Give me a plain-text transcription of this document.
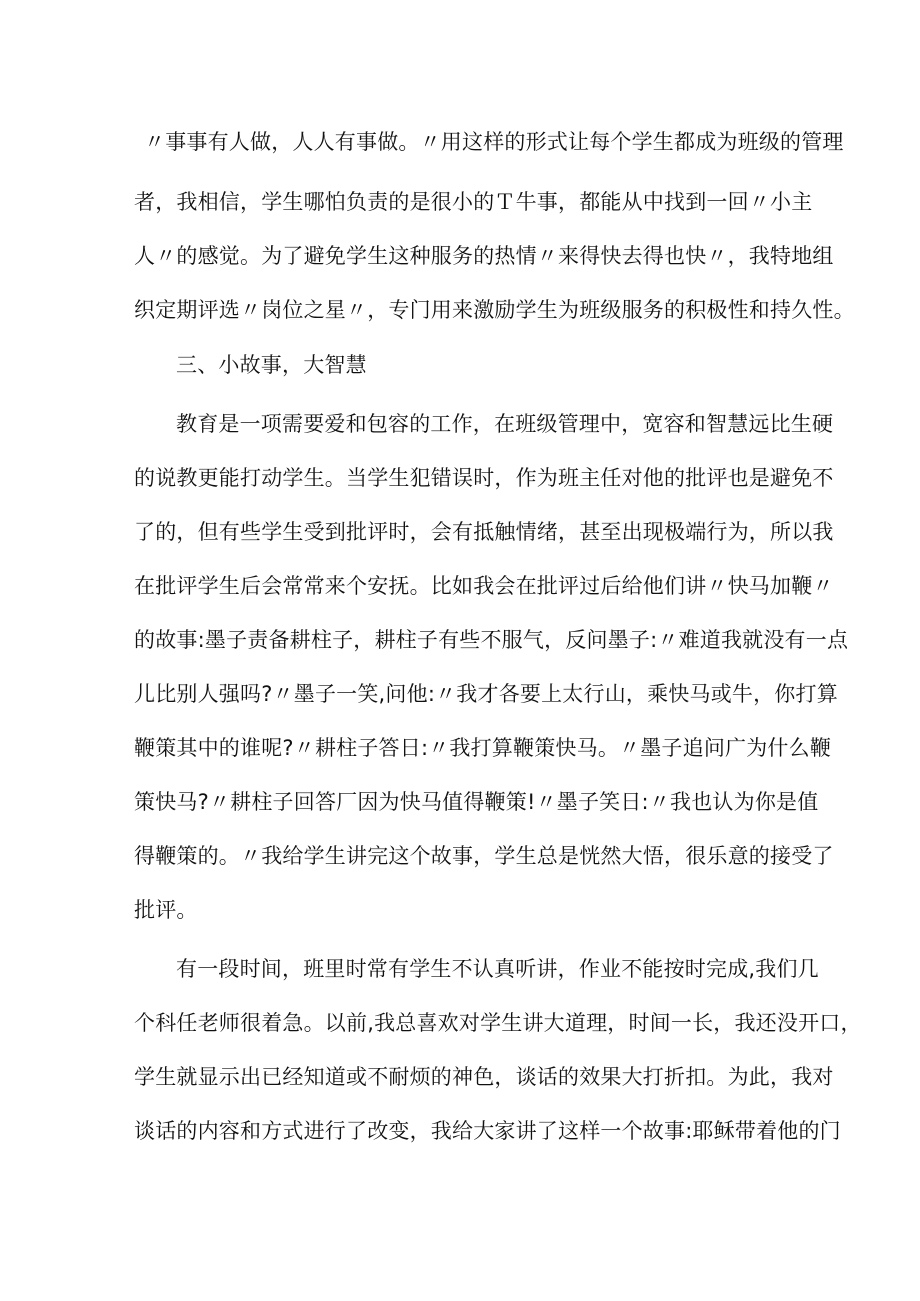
〃事事有人做，人人有事做。〃用这样的形式让每个学生都成为班级的管理
者，我相信，学生哪怕负责的是很小的Ｔ牛事，都能从中找到一回〃小主
人〃的感觉。为了避免学生这种服务的热情〃来得快去得也快〃，我特地组
织定期评选〃岗位之星〃，专门用来激励学生为班级服务的积极性和持久性。
三、小故事，大智慧
教育是一项需要爱和包容的工作，在班级管理中，宽容和智慧远比生硬
的说教更能打动学生。当学生犯错误时，作为班主任对他的批评也是避免不
了的，但有些学生受到批评时，会有抵触情绪，甚至出现极端行为，所以我
在批评学生后会常常来个安抚。比如我会在批评过后给他们讲〃快马加鞭〃
的故事:墨子责备耕柱子，耕柱子有些不服气，反问墨子:〃难道我就没有一点
儿比别人强吗?〃墨子一笑,问他:〃我才各要上太行山，乘快马或牛，你打算
鞭策其中的谁呢?〃耕柱子答日:〃我打算鞭策快马。〃墨子追问广为什么鞭
策快马?〃耕柱子回答厂因为快马值得鞭策!〃墨子笑日:〃我也认为你是值
得鞭策的。〃我给学生讲完这个故事，学生总是恍然大悟，很乐意的接受了
批评。
有一段时间，班里时常有学生不认真听讲，作业不能按时完成,我们几
个科任老师很着急。以前,我总喜欢对学生讲大道理，时间一长，我还没开口，
学生就显示出已经知道或不耐烦的神色，谈话的效果大打折扣。为此，我对
谈话的内容和方式进行了改变，我给大家讲了这样一个故事:耶稣带着他的门
